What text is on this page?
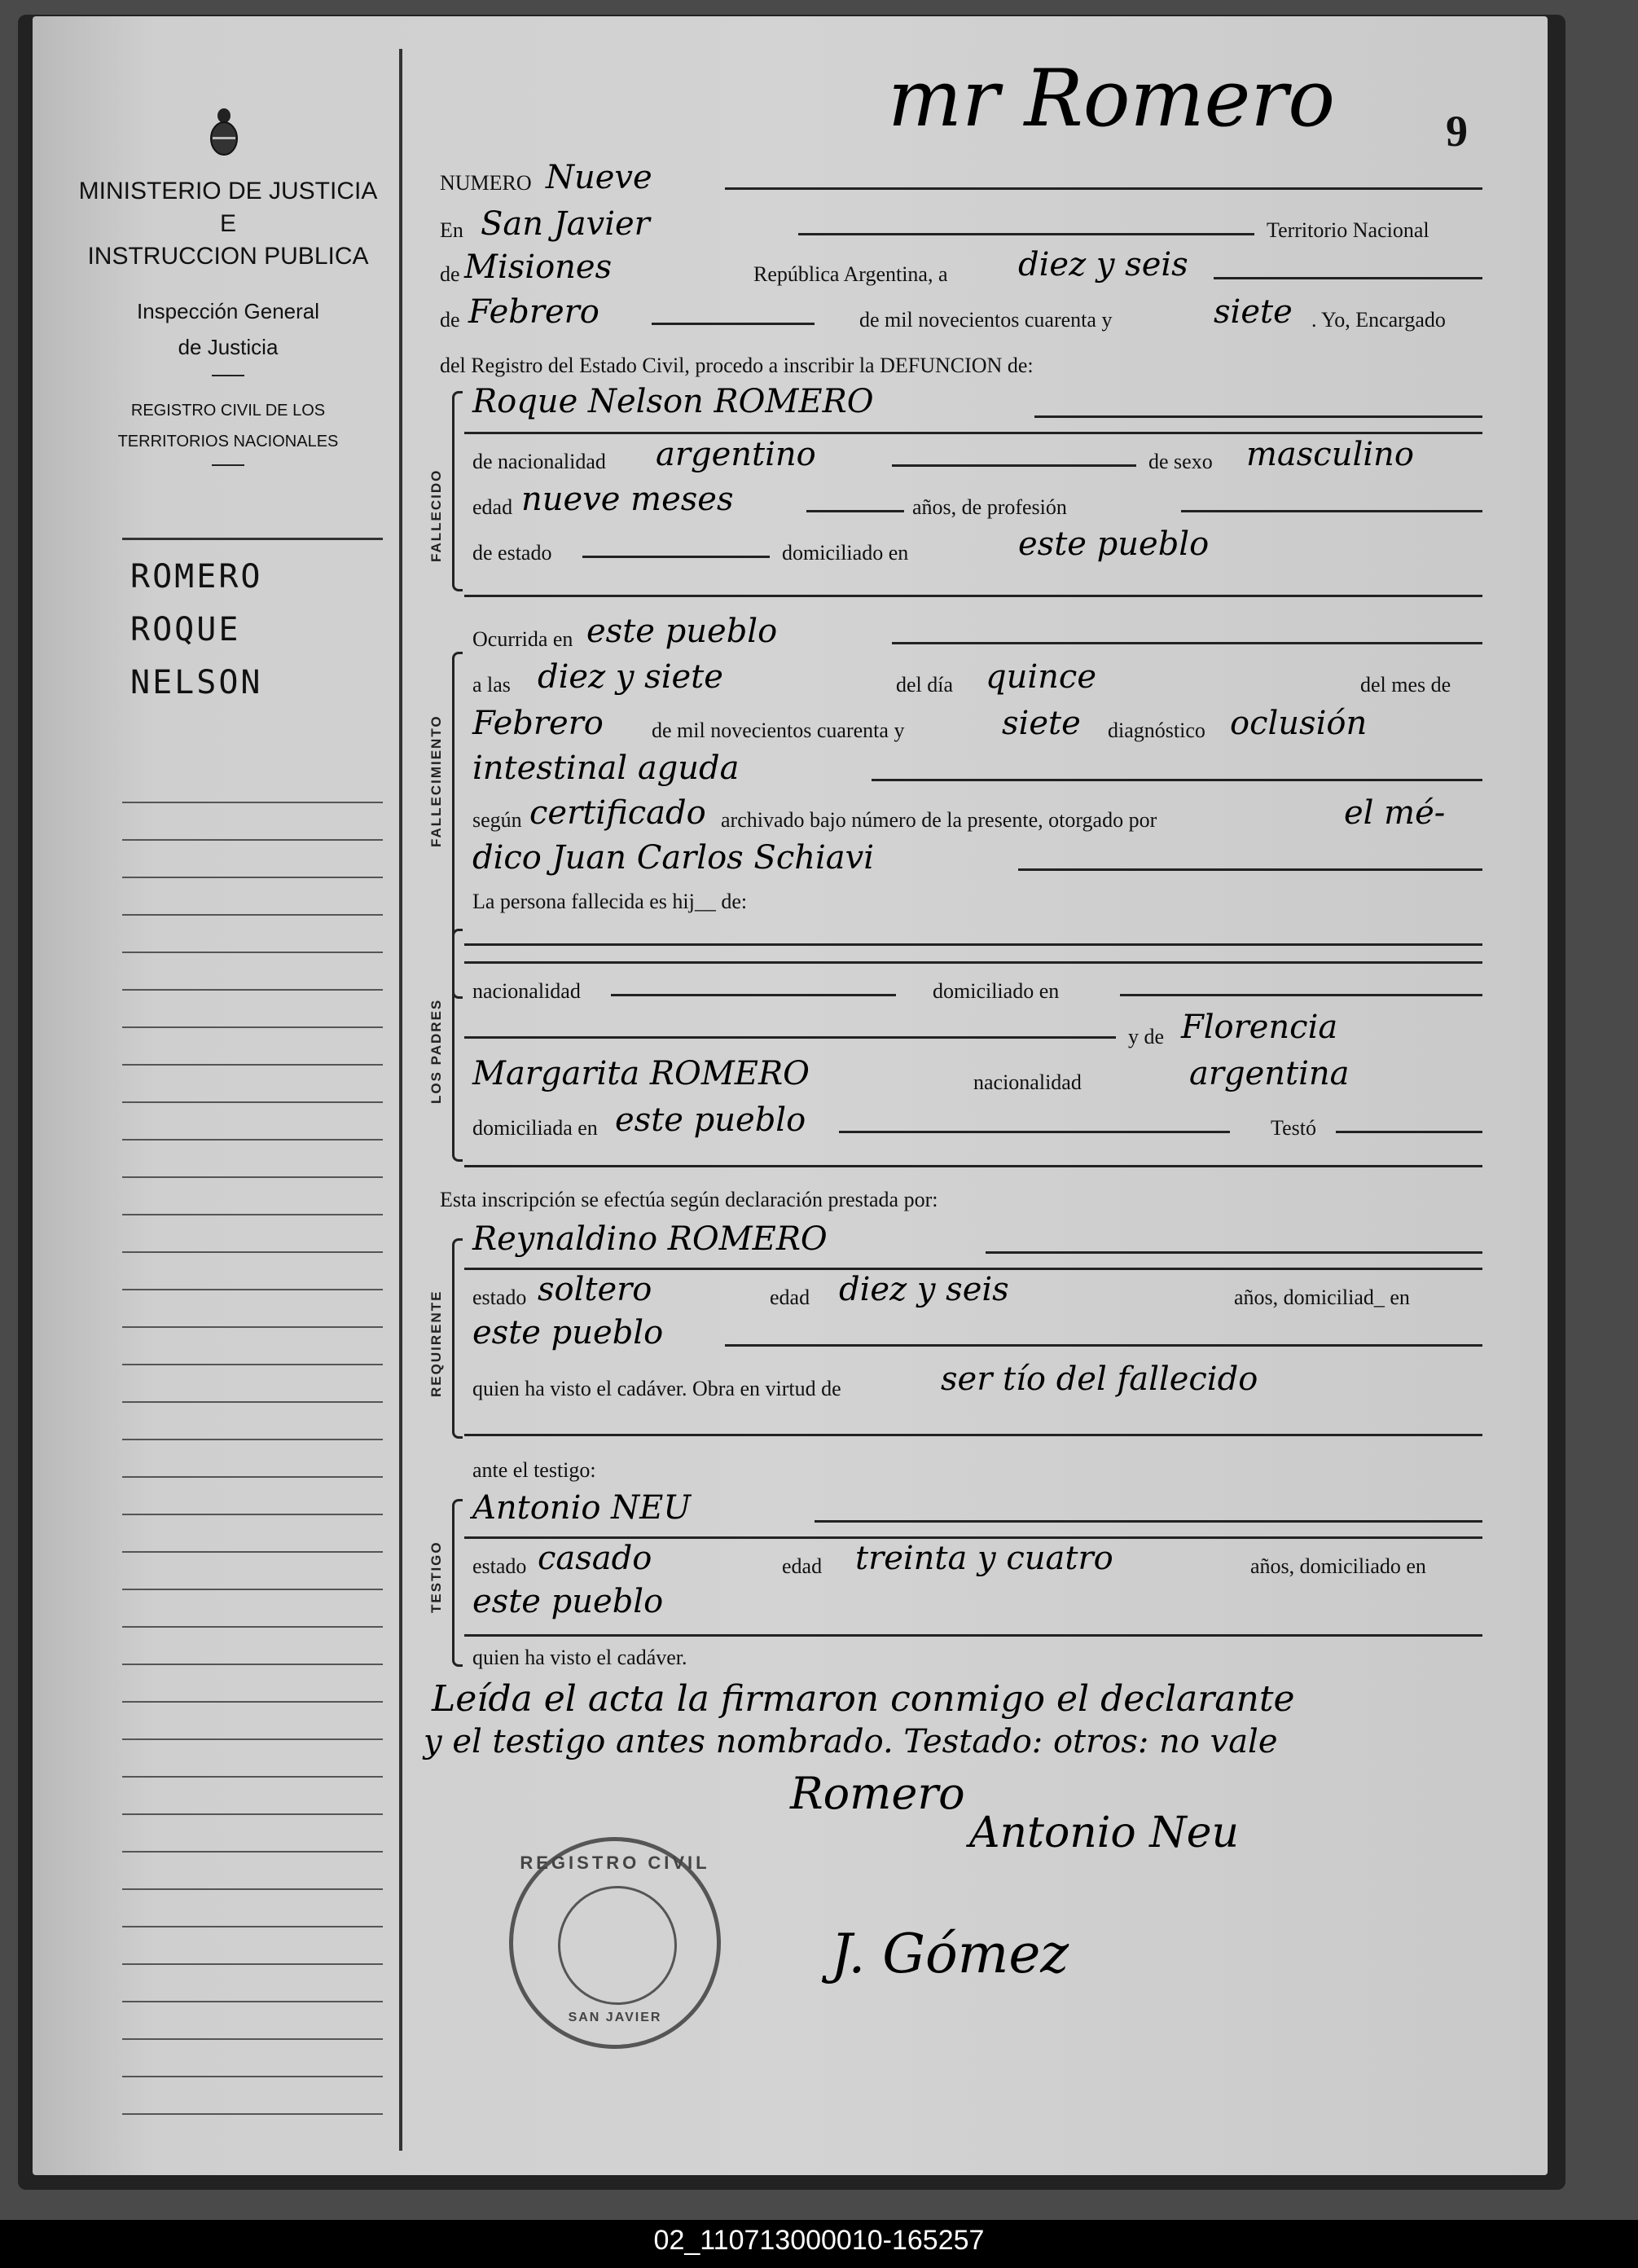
MINISTERIO DE JUSTICIA
E
INSTRUCCION PUBLICA
Inspección General
de Justicia
REGISTRO CIVIL DE LOS
TERRITORIOS NACIONALES
ROMERO
ROQUE
NELSON
mr Romero	9
NUMERO Nueve
En San Javier	Territorio Nacional
de Misiones	República Argentina, a diez y seis
de Febrero	de mil novecientos cuarenta y	siete . Yo, Encargado
del Registro del Estado Civil, procedo a inscribir la DEFUNCION de:
FALLECIDO
Roque Nelson ROMERO
de nacionalidad argentino	de sexo masculino
edad nueve meses	años, de profesión
de estado	domiciliado en	este pueblo
FALLECIMIENTO
Ocurrida en este pueblo
a las diez y siete	del día quince	del mes de
Febrero de mil novecientos cuarenta y	siete diagnóstico oclusión
intestinal aguda
según certificado archivado bajo número de la presente, otorgado por	el mé-
dico Juan Carlos Schiavi
La persona fallecida es hij__ de:
LOS PADRES
nacionalidad	domiciliado en
y de Florencia
Margarita ROMERO	nacionalidad	argentina
domiciliada en este pueblo	Testó
Esta inscripción se efectúa según declaración prestada por:
REQUIRENTE
Reynaldino ROMERO
estado soltero	edad diez y seis	años, domiciliad_ en
este pueblo
quien ha visto el cadáver. Obra en virtud de	ser tío del fallecido
ante el testigo:
TESTIGO
Antonio NEU
estado casado	edad treinta y cuatro	años, domiciliado en
este pueblo
quien ha visto el cadáver.
Leída el acta la firmaron conmigo el declarante
y el testigo antes nombrado. Testado: otros: no vale
Romero
Antonio Neu
J. Gómez
REGISTRO CIVIL
SAN JAVIER
02_110713000010-165257
